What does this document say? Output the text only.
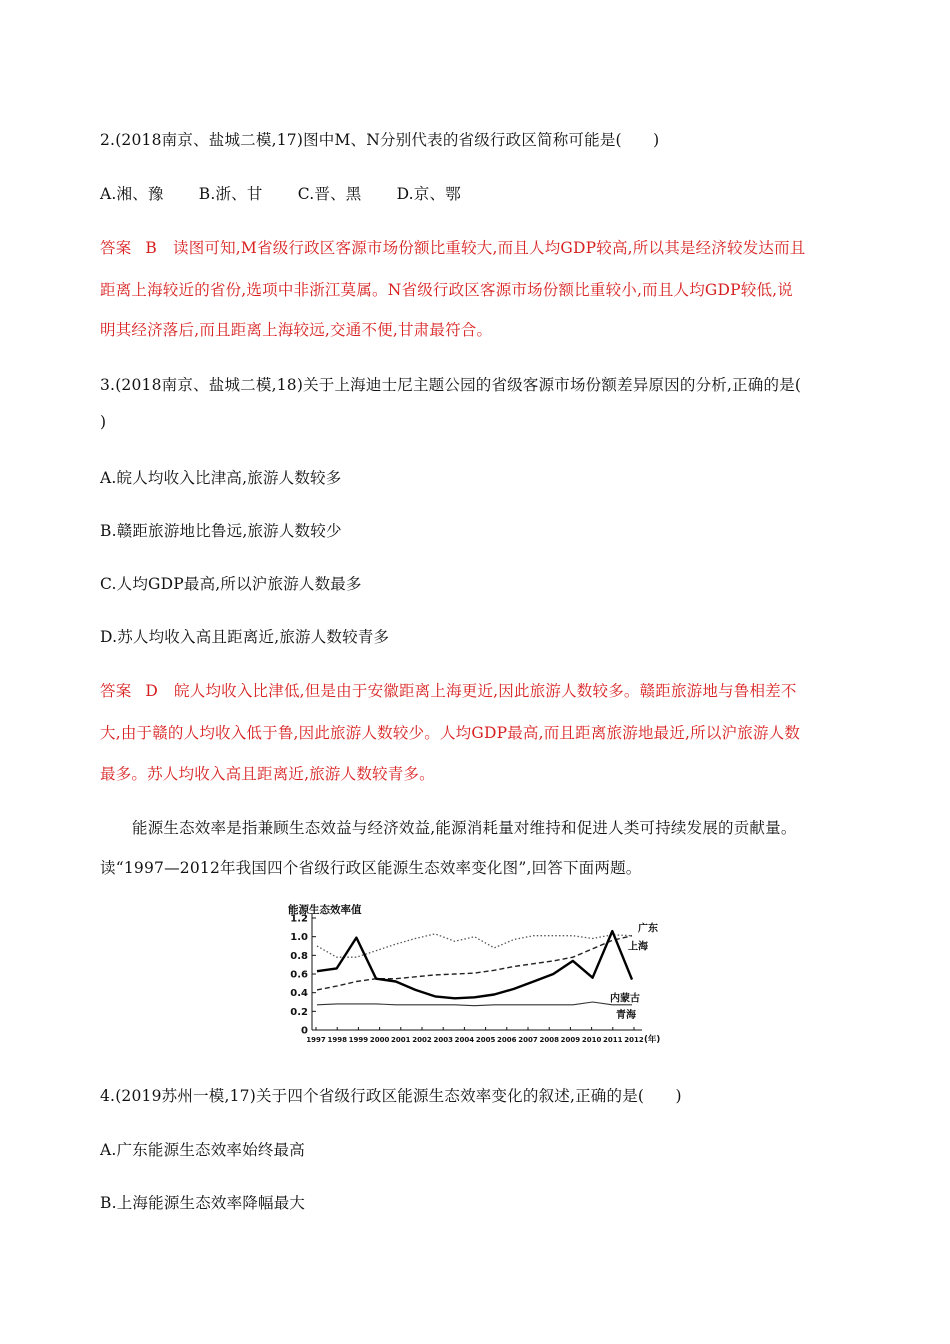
2.(2018南京、盐城二模,17)图中M、N分别代表的省级行政区简称可能是(　　)
A.湘、豫 B.浙、甘 C.晋、黑 D.京、鄂
答案 B 读图可知,M省级行政区客源市场份额比重较大,而且人均GDP较高,所以其是经济较发达而且
距离上海较近的省份,选项中非浙江莫属。N省级行政区客源市场份额比重较小,而且人均GDP较低,说
明其经济落后,而且距离上海较远,交通不便,甘肃最符合。
3.(2018南京、盐城二模,18)关于上海迪士尼主题公园的省级客源市场份额差异原因的分析,正确的是(
)
A.皖人均收入比津高,旅游人数较多
B.赣距旅游地比鲁远,旅游人数较少
C.人均GDP最高,所以沪旅游人数最多
D.苏人均收入高且距离近,旅游人数较青多
答案 D 皖人均收入比津低,但是由于安徽距离上海更近,因此旅游人数较多。赣距旅游地与鲁相差不
大,由于赣的人均收入低于鲁,因此旅游人数较少。人均GDP最高,而且距离旅游地最近,所以沪旅游人数
最多。苏人均收入高且距离近,旅游人数较青多。
能源生态效率是指兼顾生态效益与经济效益,能源消耗量对维持和促进人类可持续发展的贡献量。
读“1997—2012年我国四个省级行政区能源生态效率变化图”,回答下面两题。
能源生态效率值
0
0.2
0.4
0.6
0.8
1.0
1.2
1997 1998 1999 2000 2001 2002 2003 2004 2005 2006 2007 2008 2009 2010 2011 2012 (年)
广东
上海
内蒙古
青海
4.(2019苏州一模,17)关于四个省级行政区能源生态效率变化的叙述,正确的是(　　)
A.广东能源生态效率始终最高
B.上海能源生态效率降幅最大
